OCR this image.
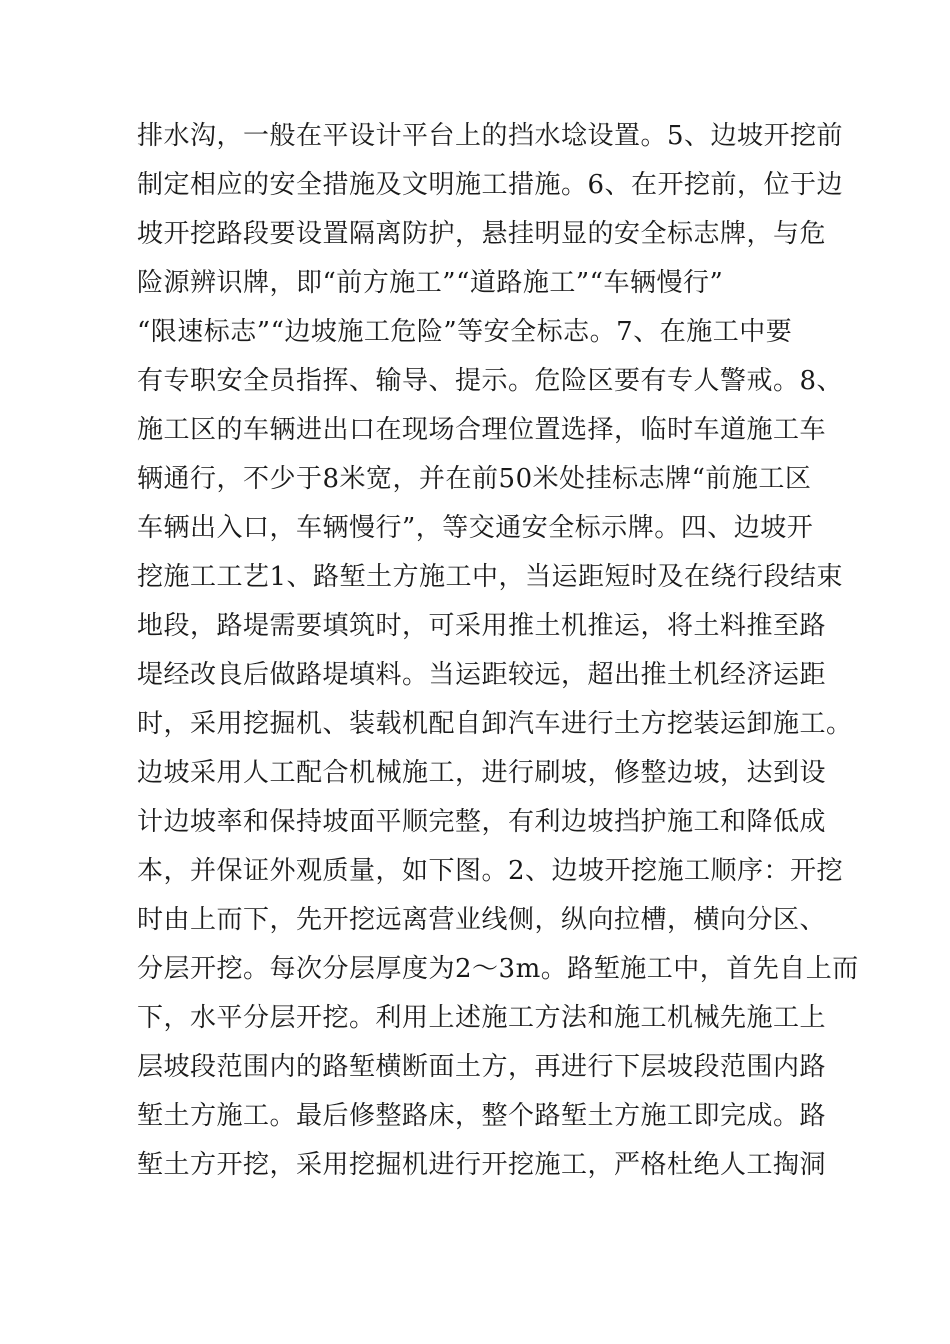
排水沟，一般在平设计平台上的挡水埝设置。5、边坡开挖前
制定相应的安全措施及文明施工措施。6、在开挖前，位于边
坡开挖路段要设置隔离防护，悬挂明显的安全标志牌，与危
险源辨识牌，即“前方施工”“道路施工”“车辆慢行”
“限速标志”“边坡施工危险”等安全标志。7、在施工中要
有专职安全员指挥、输导、提示。危险区要有专人警戒。8、
施工区的车辆进出口在现场合理位置选择，临时车道施工车
辆通行，不少于8米宽，并在前50米处挂标志牌“前施工区
车辆出入口，车辆慢行”，等交通安全标示牌。四、边坡开
挖施工工艺1、路堑土方施工中，当运距短时及在绕行段结束
地段，路堤需要填筑时，可采用推土机推运，将土料推至路
堤经改良后做路堤填料。当运距较远，超出推土机经济运距
时，采用挖掘机、装载机配自卸汽车进行土方挖装运卸施工。
边坡采用人工配合机械施工，进行刷坡，修整边坡，达到设
计边坡率和保持坡面平顺完整，有利边坡挡护施工和降低成
本，并保证外观质量，如下图。2、边坡开挖施工顺序：开挖
时由上而下，先开挖远离营业线侧，纵向拉槽，横向分区、
分层开挖。每次分层厚度为2～3m。路堑施工中，首先自上而
下，水平分层开挖。利用上述施工方法和施工机械先施工上
层坡段范围内的路堑横断面土方，再进行下层坡段范围内路
堑土方施工。最后修整路床，整个路堑土方施工即完成。路
堑土方开挖，采用挖掘机进行开挖施工，严格杜绝人工掏洞
